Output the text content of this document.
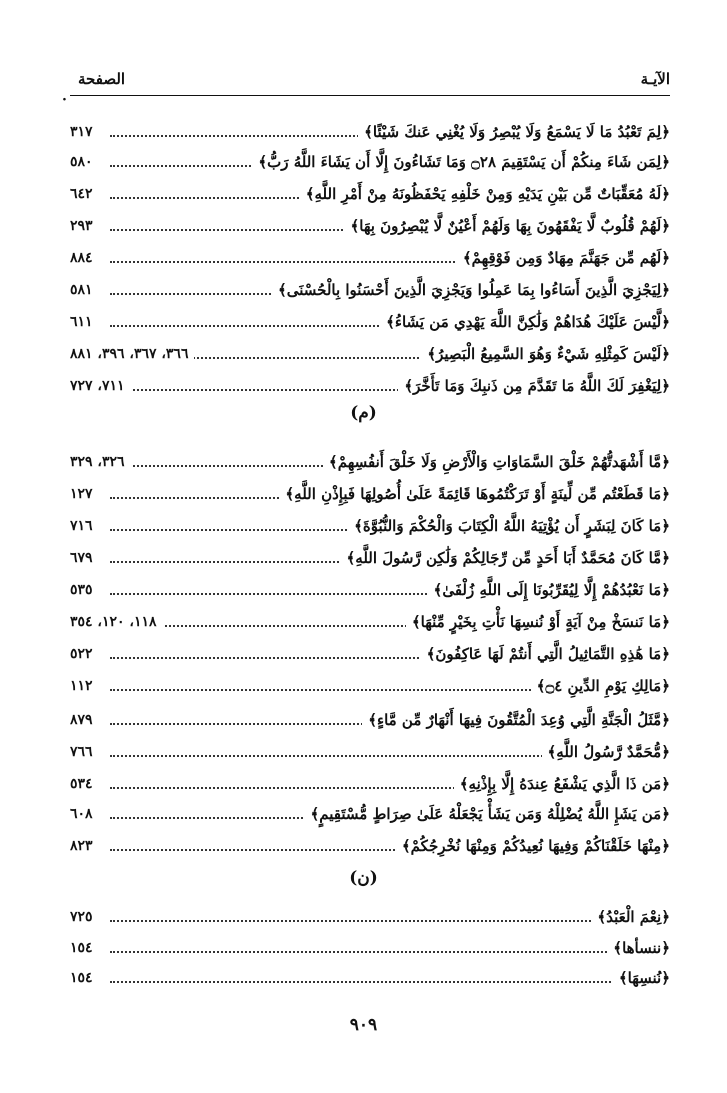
الآيـة
الصفحة
·
﴿لِمَ تَعْبُدُ مَا لَا يَسْمَعُ وَلَا يُبْصِرُ وَلَا يُغْنِي عَنكَ شَيْئًا﴾
٣١٧
﴿لِمَن شَاءَ مِنكُمْ أَن يَسْتَقِيمَ ۝٢٨ وَمَا تَشَاءُونَ إِلَّا أَن يَشَاءَ اللَّهُ رَبُّ﴾
٥٨٠
﴿لَهُ مُعَقِّبَاتٌ مِّن بَيْنِ يَدَيْهِ وَمِنْ خَلْفِهِ يَحْفَظُونَهُ مِنْ أَمْرِ اللَّهِ﴾
٦٤٢
﴿لَهُمْ قُلُوبٌ لَّا يَفْقَهُونَ بِهَا وَلَهُمْ أَعْيُنٌ لَّا يُبْصِرُونَ بِهَا﴾
٢٩٣
﴿لَهُم مِّن جَهَنَّمَ مِهَادٌ وَمِن فَوْقِهِمْ﴾
٨٨٤
﴿لِيَجْزِيَ الَّذِينَ أَسَاءُوا بِمَا عَمِلُوا وَيَجْزِيَ الَّذِينَ أَحْسَنُوا بِالْحُسْنَى﴾
٥٨١
﴿لَّيْسَ عَلَيْكَ هُدَاهُمْ وَلَٰكِنَّ اللَّهَ يَهْدِي مَن يَشَاءُ﴾
٦١١
﴿لَيْسَ كَمِثْلِهِ شَيْءٌ وَهُوَ السَّمِيعُ الْبَصِيرُ﴾
٣٦٦، ٣٦٧، ٣٩٦، ٨٨١
﴿لِيَغْفِرَ لَكَ اللَّهُ مَا تَقَدَّمَ مِن ذَنبِكَ وَمَا تَأَخَّرَ﴾
٧١١، ٧٢٧
(م)
﴿مَّا أَشْهَدتُّهُمْ خَلْقَ السَّمَاوَاتِ وَالْأَرْضِ وَلَا خَلْقَ أَنفُسِهِمْ﴾
٣٢٦، ٣٢٩
﴿مَا قَطَعْتُم مِّن لِّينَةٍ أَوْ تَرَكْتُمُوهَا قَائِمَةً عَلَىٰ أُصُولِهَا فَبِإِذْنِ اللَّهِ﴾
١٢٧
﴿مَا كَانَ لِبَشَرٍ أَن يُؤْتِيَهُ اللَّهُ الْكِتَابَ وَالْحُكْمَ وَالنُّبُوَّةَ﴾
٧١٦
﴿مَّا كَانَ مُحَمَّدٌ أَبَا أَحَدٍ مِّن رِّجَالِكُمْ وَلَٰكِن رَّسُولَ اللَّهِ﴾
٦٧٩
﴿مَا نَعْبُدُهُمْ إِلَّا لِيُقَرِّبُونَا إِلَى اللَّهِ زُلْفَىٰ﴾
٥٣٥
﴿مَا نَنسَخْ مِنْ آيَةٍ أَوْ نُنسِهَا نَأْتِ بِخَيْرٍ مِّنْهَا﴾
١١٨، ١٢٠، ٣٥٤
﴿مَا هَٰذِهِ التَّمَاثِيلُ الَّتِي أَنتُمْ لَهَا عَاكِفُونَ﴾
٥٢٢
﴿مَالِكِ يَوْمِ الدِّينِ ۝٤﴾
١١٢
﴿مَّثَلُ الْجَنَّةِ الَّتِي وُعِدَ الْمُتَّقُونَ فِيهَا أَنْهَارٌ مِّن مَّاءٍ﴾
٨٧٩
﴿مُّحَمَّدٌ رَّسُولُ اللَّهِ﴾
٧٦٦
﴿مَن ذَا الَّذِي يَشْفَعُ عِندَهُ إِلَّا بِإِذْنِهِ﴾
٥٣٤
﴿مَن يَشَإِ اللَّهُ يُضْلِلْهُ وَمَن يَشَأْ يَجْعَلْهُ عَلَىٰ صِرَاطٍ مُّسْتَقِيمٍ﴾
٦٠٨
﴿مِنْهَا خَلَقْنَاكُمْ وَفِيهَا نُعِيدُكُمْ وَمِنْهَا نُخْرِجُكُمْ﴾
٨٢٣
(ن)
﴿نِعْمَ الْعَبْدُ﴾
٧٢٥
﴿ننسأها﴾
١٥٤
﴿نُنسِهَا﴾
١٥٤
٩٠٩
